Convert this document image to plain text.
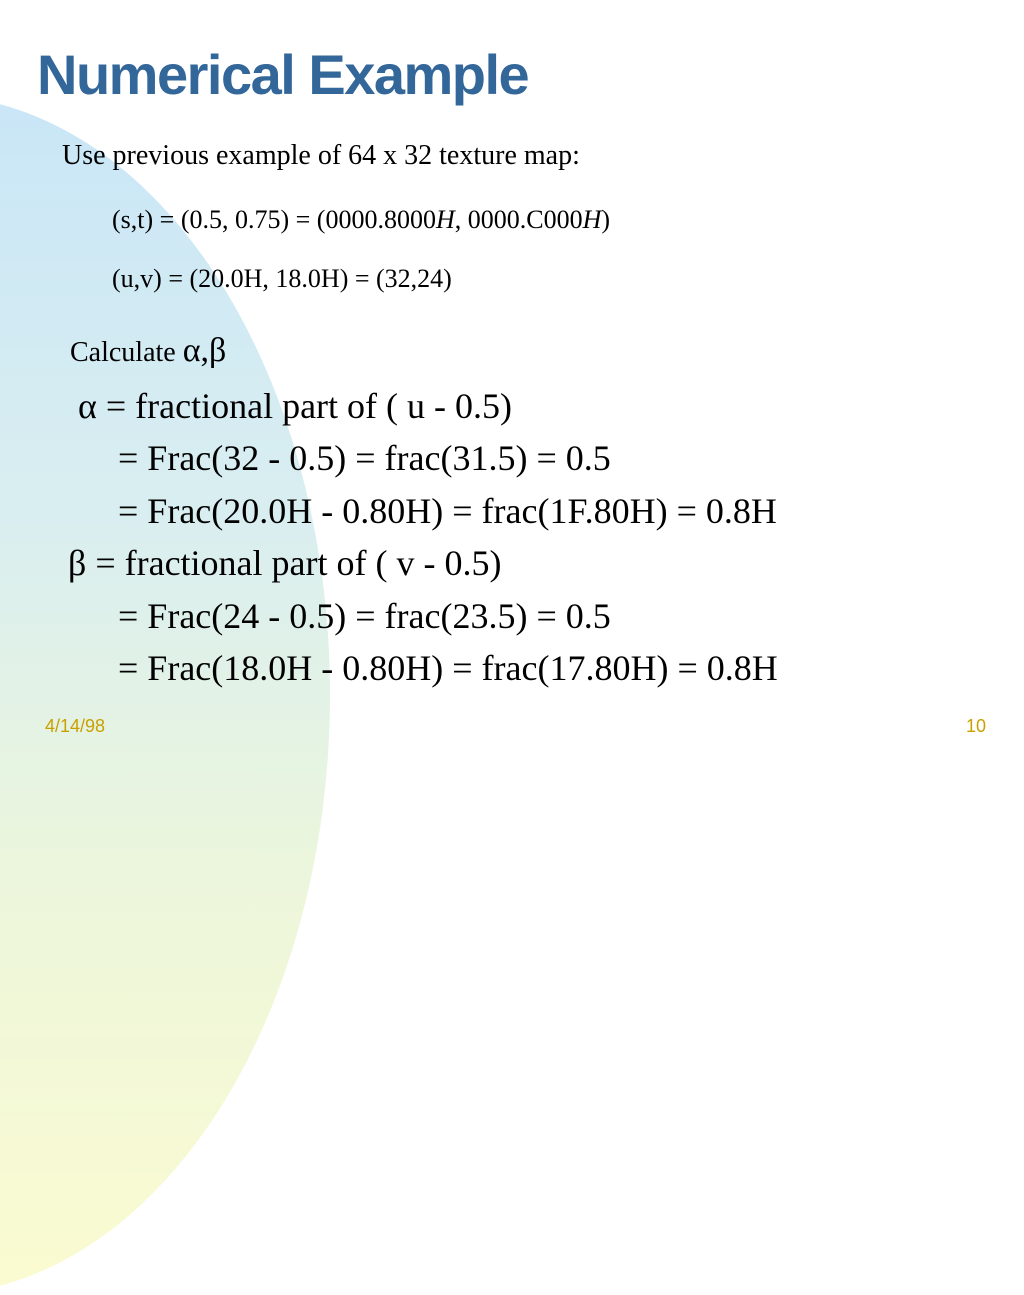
Numerical Example
Use previous example of 64 x 32 texture map:
(s,t) = (0.5, 0.75) = (0000.8000H, 0000.C000H)
(u,v) = (20.0H, 18.0H) = (32,24)
Calculate α,β
α = fractional part of ( u - 0.5)
= Frac(32 - 0.5) = frac(31.5) = 0.5
= Frac(20.0H - 0.80H) = frac(1F.80H) = 0.8H
β = fractional part of ( v - 0.5)
= Frac(24 - 0.5) = frac(23.5) = 0.5
= Frac(18.0H - 0.80H) = frac(17.80H) = 0.8H
4/14/98	10
